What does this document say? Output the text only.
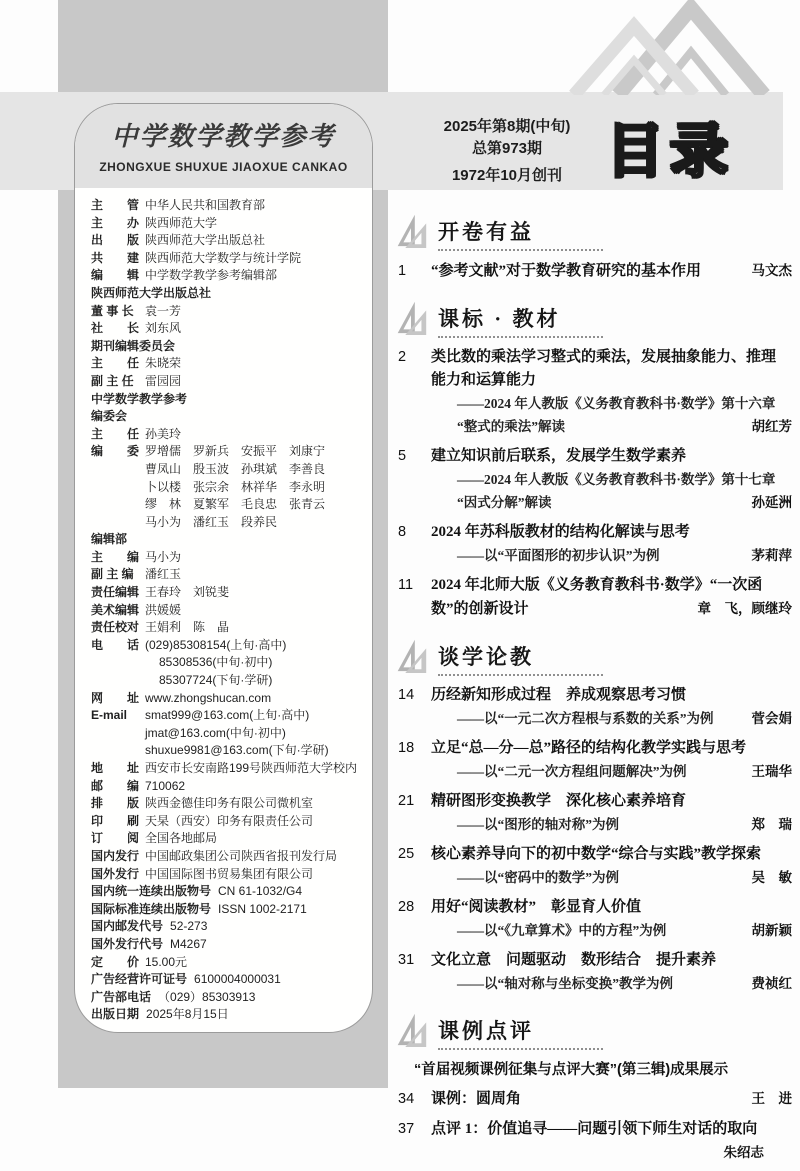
2025年第8期(中旬)
总第973期
1972年10月创刊 目录
中学数学教学参考
ZHONGXUE SHUXUE JIAOXUE CANKAO
主　　管 中华人民共和国教育部
主　　办 陕西师范大学
出　　版 陕西师范大学出版总社
共　　建 陕西师范大学数学与统计学院
编　　辑 中学数学教学参考编辑部
陕西师范大学出版总社
董 事 长 袁一芳
社　　长 刘东风
期刊编辑委员会
主　　任 朱晓荣
副 主 任 雷园园
中学数学教学参考
编委会
主　　任 孙美玲
编　　委 罗增儒　罗新兵　安振平　刘康宁
曹凤山　殷玉波　孙琪斌　李善良
卜以楼　张宗余　林祥华　李永明
缪　林　夏繁军　毛良忠　张青云
马小为　潘红玉　段养民
编辑部
主　　编 马小为
副 主 编 潘红玉
责任编辑 王春玲　刘锐斐
美术编辑 洪媛媛
责任校对 王娟利　陈　晶
电　　话 (029)85308154(上旬·高中)
85308536(中旬·初中)
85307724(下旬·学研)
网　　址 www.zhongshucan.com
E-mail	smat999@163.com(上旬·高中)
jmat@163.com(中旬·初中)
shuxue9981@163.com(下旬·学研)
地　　址 西安市长安南路199号陕西师范大学校内
邮　　编 710062
排　　版 陕西金德佳印务有限公司微机室
印　　刷 天杲（西安）印务有限责任公司
订　　阅 全国各地邮局
国内发行 中国邮政集团公司陕西省报刊发行局
国外发行 中国国际图书贸易集团有限公司
国内统一连续出版物号 CN 61-1032/G4
国际标准连续出版物号 ISSN 1002-2171
国内邮发代号 52-273
国外发行代号 M4267
定　　价 15.00元
广告经营许可证号 6100004000031
广告部电话 （029）85303913
出版日期 2025年8月15日
开卷有益
1	“参考文献”对于数学教育研究的基本作用	马文杰
课标 · 教材
2	类比数的乘法学习整式的乘法，发展抽象能力、推理
能力和运算能力
——2024 年人教版《义务教育教科书·数学》第十六章
“整式的乘法”解读	胡红芳
5	建立知识前后联系，发展学生数学素养
——2024 年人教版《义务教育教科书·数学》第十七章
“因式分解”解读	孙延洲
8	2024 年苏科版教材的结构化解读与思考
——以“平面图形的初步认识”为例	茅莉萍
11	2024 年北师大版《义务教育教科书·数学》“一次函
数”的创新设计	章　飞，顾继玲
谈学论教
14	历经新知形成过程　养成观察思考习惯
——以“一元二次方程根与系数的关系”为例	菅会娟
18	立足“总—分—总”路径的结构化教学实践与思考
——以“二元一次方程组问题解决”为例	王瑞华
21	精研图形变换教学　深化核心素养培育
——以“图形的轴对称”为例	郑　瑞
25	核心素养导向下的初中数学“综合与实践”教学探索
——以“密码中的数学”为例	吴　敏
28	用好“阅读教材”　彰显育人价值
——以“《九章算术》中的方程”为例	胡新颖
31	文化立意　问题驱动　数形结合　提升素养
——以“轴对称与坐标变换”教学为例	费祯红
课例点评
“首届视频课例征集与点评大赛”(第三辑)成果展示
34	课例：圆周角	王　进
37	点评 1：价值追寻——问题引领下师生对话的取向
朱绍志
